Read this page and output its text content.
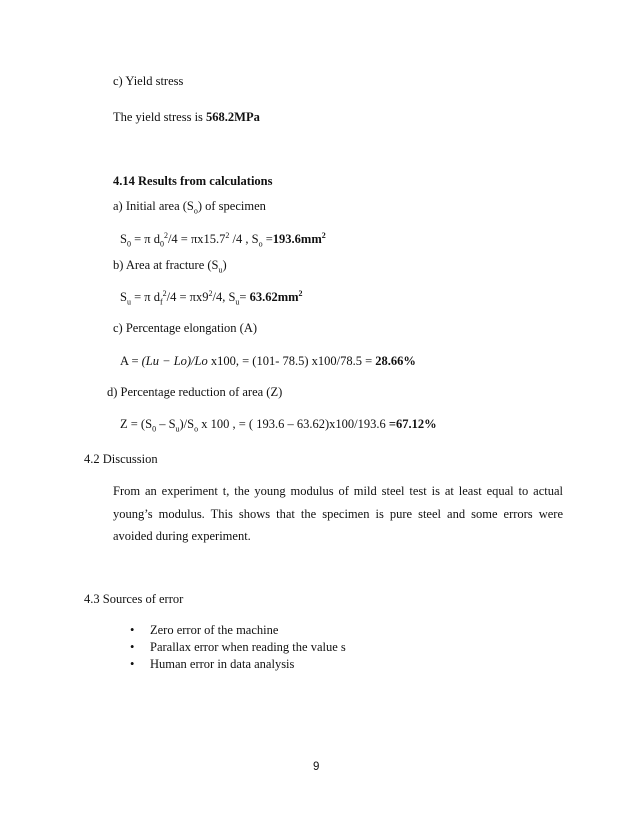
c) Yield stress
The yield stress is 568.2MPa
4.14 Results from calculations
a) Initial area $(S_o)$ of specimen
$S_0 = \pi$ $d_0^2/4 = \pi x15.7^2$ /4 , $S_o =193.6mm^2$
b) Area at fracture $(S_u)$
$S_u = \pi$ $d_f^2/4 = \pi x9^2/4$, $S_u= 63.62mm^2$
c) Percentage elongation (A)
A = (Lu − Lo)/Lo x100, = (101- 78.5) x100/78.5 = 28.66%
d) Percentage reduction of area (Z)
$Z = (S_0 - S_u)/S_o$ x 100 , = ( 193.6 – 63.62)x100/193.6 =67.12%
4.2 Discussion
From an experiment t, the young modulus of mild steel test is at least equal to actual young’s modulus. This shows that the specimen is pure steel and some errors were avoided during experiment.
4.3 Sources of error
• Zero error of the machine
• Parallax error when reading the value s
• Human error in data analysis
9
